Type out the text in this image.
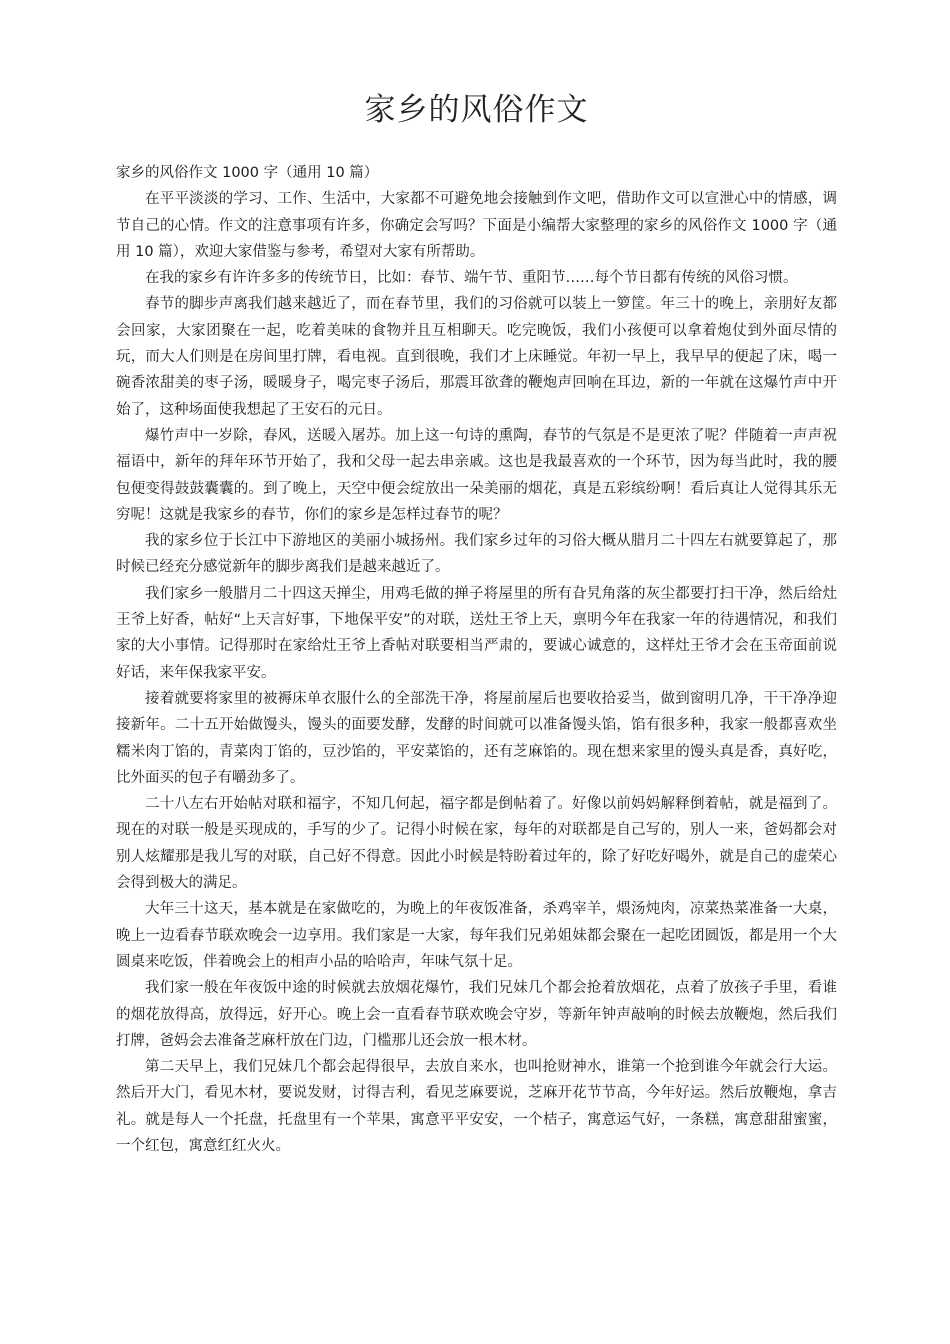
家乡的风俗作文

家乡的风俗作文 1000 字（通用 10 篇）

在平平淡淡的学习、工作、生活中，大家都不可避免地会接触到作文吧，借助作文可以宣泄心中的情感，调节自己的心情。作文的注意事项有许多，你确定会写吗？下面是小编帮大家整理的家乡的风俗作文 1000 字（通用 10 篇），欢迎大家借鉴与参考，希望对大家有所帮助。

在我的家乡有许许多多的传统节日，比如：春节、端午节、重阳节……每个节日都有传统的风俗习惯。

春节的脚步声离我们越来越近了，而在春节里，我们的习俗就可以装上一箩筐。年三十的晚上，亲朋好友都会回家，大家团聚在一起，吃着美味的食物并且互相聊天。吃完晚饭，我们小孩便可以拿着炮仗到外面尽情的玩，而大人们则是在房间里打牌，看电视。直到很晚，我们才上床睡觉。年初一早上，我早早的便起了床，喝一碗香浓甜美的枣子汤，暖暖身子，喝完枣子汤后，那震耳欲聋的鞭炮声回响在耳边，新的一年就在这爆竹声中开始了，这种场面使我想起了王安石的元日。

爆竹声中一岁除，春风，送暖入屠苏。加上这一句诗的熏陶，春节的气氛是不是更浓了呢？伴随着一声声祝福语中，新年的拜年环节开始了，我和父母一起去串亲戚。这也是我最喜欢的一个环节，因为每当此时，我的腰包便变得鼓鼓囊囊的。到了晚上，天空中便会绽放出一朵美丽的烟花，真是五彩缤纷啊！看后真让人觉得其乐无穷呢！这就是我家乡的春节，你们的家乡是怎样过春节的呢？

我的家乡位于长江中下游地区的美丽小城扬州。我们家乡过年的习俗大概从腊月二十四左右就要算起了，那时候已经充分感觉新年的脚步离我们是越来越近了。

我们家乡一般腊月二十四这天掸尘，用鸡毛做的掸子将屋里的所有旮旯角落的灰尘都要打扫干净，然后给灶王爷上好香，帖好“上天言好事，下地保平安”的对联，送灶王爷上天，禀明今年在我家一年的待遇情况，和我们家的大小事情。记得那时在家给灶王爷上香帖对联要相当严肃的，要诚心诚意的，这样灶王爷才会在玉帝面前说好话，来年保我家平安。

接着就要将家里的被褥床单衣服什么的全部洗干净，将屋前屋后也要收拾妥当，做到窗明几净，干干净净迎接新年。二十五开始做馒头，馒头的面要发酵，发酵的时间就可以准备馒头馅，馅有很多种，我家一般都喜欢坐糯米肉丁馅的，青菜肉丁馅的，豆沙馅的，平安菜馅的，还有芝麻馅的。现在想来家里的馒头真是香，真好吃，比外面买的包子有嚼劲多了。

二十八左右开始帖对联和福字，不知几何起，福字都是倒帖着了。好像以前妈妈解释倒着帖，就是福到了。现在的对联一般是买现成的，手写的少了。记得小时候在家，每年的对联都是自己写的，别人一来，爸妈都会对别人炫耀那是我儿写的对联，自己好不得意。因此小时候是特盼着过年的，除了好吃好喝外，就是自己的虚荣心会得到极大的满足。

大年三十这天，基本就是在家做吃的，为晚上的年夜饭准备，杀鸡宰羊，煨汤炖肉，凉菜热菜准备一大桌，晚上一边看春节联欢晚会一边享用。我们家是一大家，每年我们兄弟姐妹都会聚在一起吃团圆饭，都是用一个大圆桌来吃饭，伴着晚会上的相声小品的哈哈声，年味气氛十足。

我们家一般在年夜饭中途的时候就去放烟花爆竹，我们兄妹几个都会抢着放烟花，点着了放孩子手里，看谁的烟花放得高，放得远，好开心。晚上会一直看春节联欢晚会守岁，等新年钟声敲响的时候去放鞭炮，然后我们打牌，爸妈会去准备芝麻杆放在门边，门槛那儿还会放一根木材。

第二天早上，我们兄妹几个都会起得很早，去放自来水，也叫抢财神水，谁第一个抢到谁今年就会行大运。然后开大门，看见木材，要说发财，讨得吉利，看见芝麻要说，芝麻开花节节高，今年好运。然后放鞭炮，拿吉礼。就是每人一个托盘，托盘里有一个苹果，寓意平平安安，一个桔子，寓意运气好，一条糕，寓意甜甜蜜蜜，一个红包，寓意红红火火。
